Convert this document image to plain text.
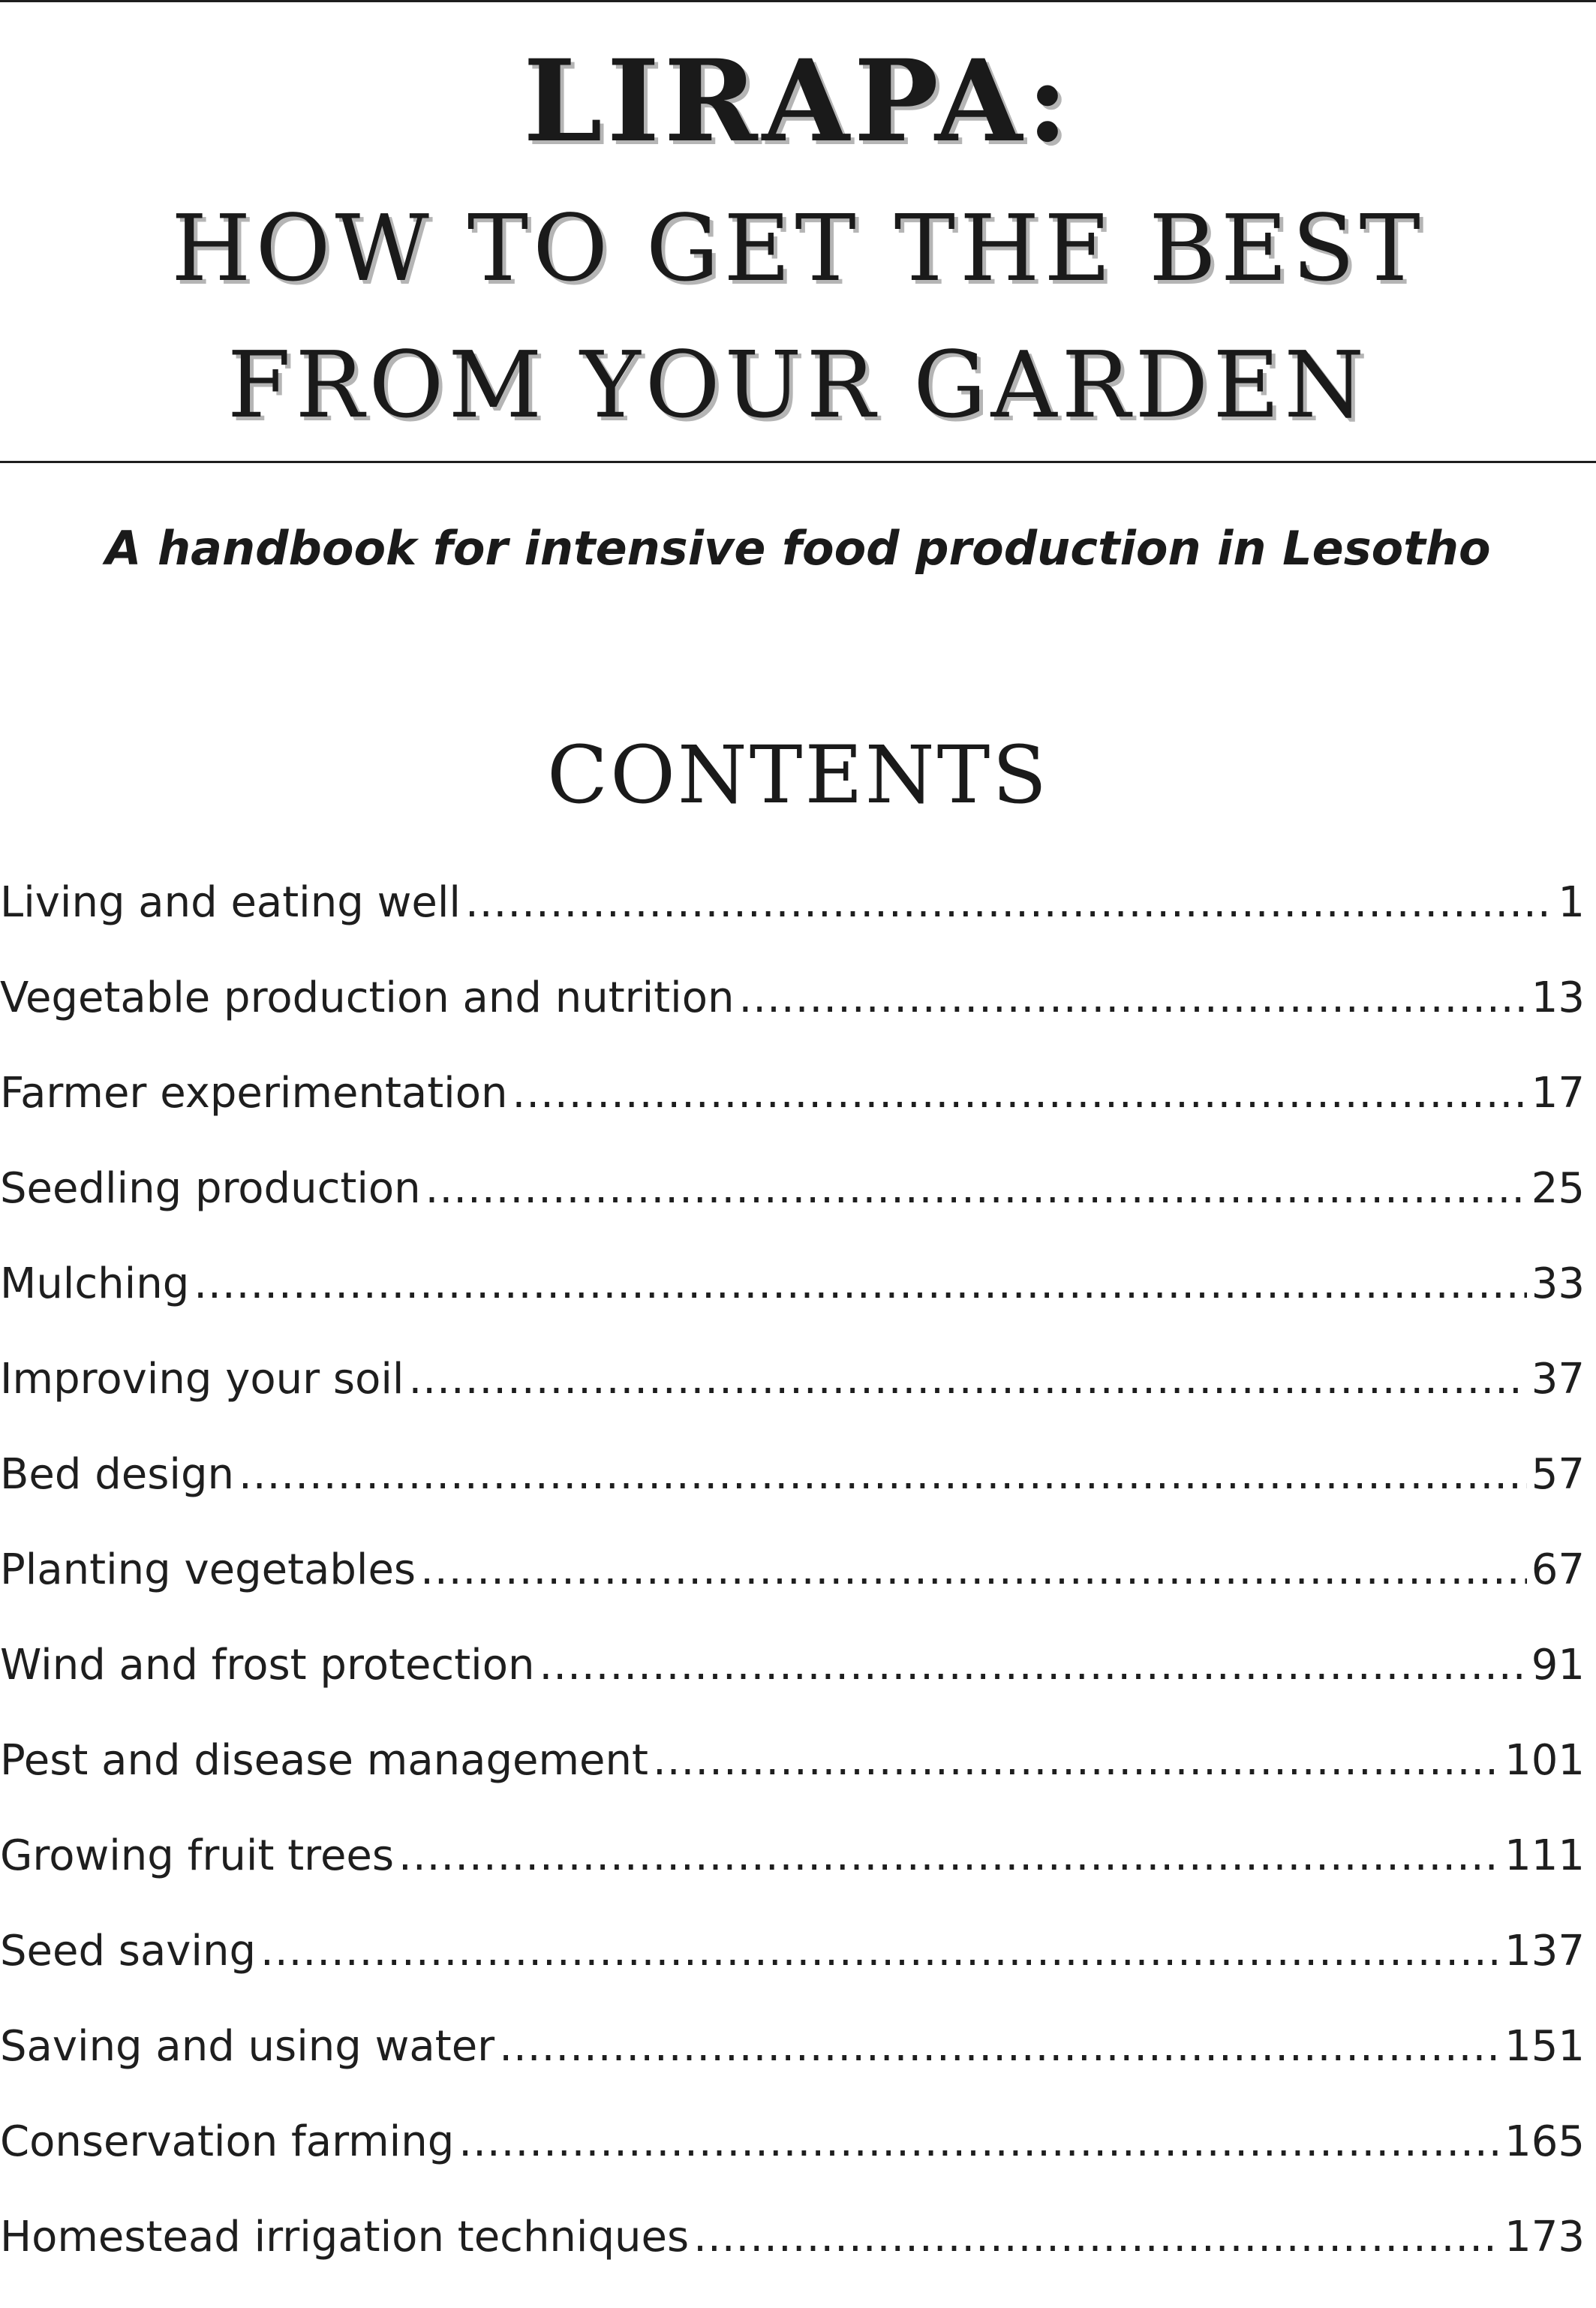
LIRAPA:
HOW TO GET THE BEST
FROM YOUR GARDEN
A handbook for intensive food production in Lesotho
CONTENTS
Living and eating well .....	1
Vegetable production and nutrition .....	13
Farmer experimentation .....	17
Seedling production .....	25
Mulching .....	33
Improving your soil .....	37
Bed design .....	57
Planting vegetables .....	67
Wind and frost protection .....	91
Pest and disease management .....	101
Growing fruit trees .....	111
Seed saving .....	137
Saving and using water .....	151
Conservation farming .....	165
Homestead irrigation techniques .....	173
